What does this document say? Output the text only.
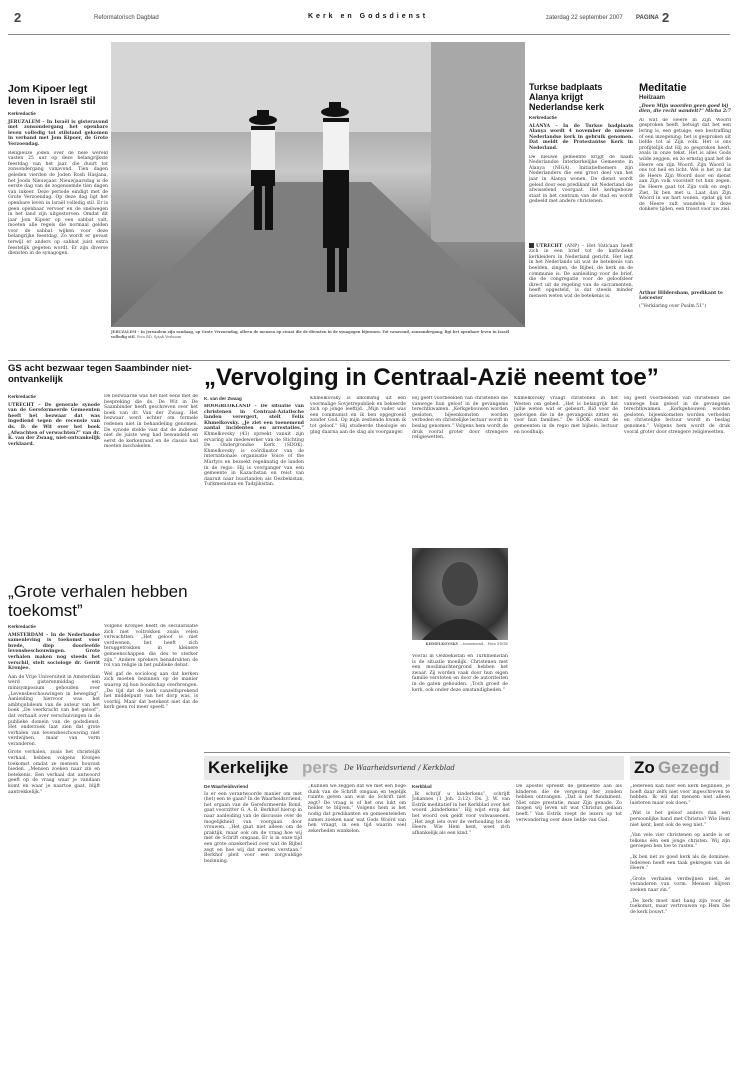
2	Reformatorisch Dagblad	Kerk en Godsdienst	zaterdag 22 september 2007 PAGINA 2
Jom Kipoer legt leven in Israël stil
Kerkredactie
JERUZALEM – In Israël is gisteravond met zonsondergang het openbare leven volledig tot stilstand gekomen in verband met Jom Kipoer, de Grote Verzoendag.
Religieuze joden over de hele wereld vasten 25 uur op deze belangrijkste feestdag van het jaar, die duurt tot zonsondergang vanavond. Tien dagen geleden vierden de Joden Rosh Hasjana, het Joods Nieuwjaar. Nieuwjaarsdag is de eerste dag van de zogenoemde tien dagen van inkeer. Deze periode eindigt met de Grote Verzoendag. Op deze dag ligt het openbare leven in Israël volledig stil. Er is geen openbaar vervoer en de snelwegen in het land zijn uitgestorven. Omdat dit jaar Jom Kipoer op een sabbat valt, moeten alle regels die normaal gelden voor de sabbat wijken voor deze belangrijke feestdag. Zo wordt er gevast terwijl er anders op sabbat juist extra feestelijk gegeten wordt. Er zijn diverse diensten in de synagogen.
JERUZALEM – In Jeruzalem zijn vandaag, op Grote Verzoendag, alleen de mensen op straat die de diensten in de synagogen bijwonen. Tot vanavond, zonsondergang, ligt het openbare leven in Israël volledig stil. Foto RD, Sjaak Verboom
Turkse badplaats Alanya krijgt Nederlandse kerk
Kerkredactie
ALANYA – In de Turkse badplaats Alanya wordt 4 november de nieuwe Nederlandse kerk in gebruik genomen. Dat meldt de Protestantse Kerk in Nederland.
De nieuwe gemeente krijgt de naam Nederlandse Interkerkelijke Gemeente in Alanya (NIGA). Initiatiefnemers zijn Nederlanders die een groot deel van het jaar in Alanya wonen. De dienst wordt geleid door een predikant uit Nederland die afwisselend voorgaat. Het kerkgebouw staat in het centrum van de stad en wordt gedeeld met andere christenen.
UTRECHT (ANP) – Het Vaticaan heeft zich in een brief tot de katholieke kerkleiders in Nederland gericht. Het legt in het Nederlands uit wat de betekenis van beelden, zingen, de Bijbel, de kerk en de communie is. De aanleiding voor de brief, die de congregatie voor de geloofsleer direct uit de regeling van de sacramenten, heeft opgesteld, is dat steeds minder mensen weten wat de betekenis is.
Meditatie
Heilzaam
„Doen Mijn woorden geen goed bij dien, die recht wandelt?” Micha 2:7
Al wat de Heere in Zijn Woord gesproken heeft, betuigt dat het een lering is, een getuige, een bestraffing of een inzegening; het is gesproken uit liefde tot al Zijn volk. Het is ons profijtelijk dat Hij zo gesproken heeft, zoals in onze tekst. Het is alles Gods wilde zeggen, en zo ernstig gaat het de Heere om zijn Woord. Zijn Woord is ons tot heil en licht. Wel is het zo dat de Heere Zijn Woord door en dienst aan Zijn volk voorstelt tot hun zegen. De Heere gaat tot Zijn volk en zegt: Ziet, Ik ben met u. Laat dan Zijn Woord in uw hart wonen, opdat gij tot de Heere zult wandelen in deze donkere tijden, een troost voor uw ziel.
Arthur Hildersham, predikant te Leicester
(“Verklaring over Psalm 51”)
GS acht bezwaar tegen Saambinder niet-ontvankelijk
Kerkredactie
UTRECHT – De generale synode van de Gereformeerde Gemeenten heeft het bezwaar dat was ingediend tegen de recensie van ds. D. de Wit over het boek „Afwachten of verwachten?” van dr. K. van der Zwaag, niet-ontvankelijk verklaard.
De bezwaarde was het niet eens met de bespreking die ds. De Wit in De Saambinder heeft geschreven over het boek van dr. Van der Zwaag. Het bezwaar werd echter om formele redenen niet in behandeling genomen. De synode stelde vast dat de indiener niet de juiste weg had bewandeld en eerst de kerkenraad en de classis had moeten inschakelen.
„Vervolging in Centraal-Azië neemt toe”
K. van der Zwaag
HOOGBLOKLAND – De situatie van christenen in Centraal-Aziatische landen verergert, stelt Felix Khmelkovsky. „Je ziet een toenemend aantal incidenten en arrestaties.” Khmelkovsky (43) spreekt vanuit zijn ervaring als medewerker van de Stichting De Ondergrondse Kerk (SDOK). Khmelkovsky is coördinator van de internationale organisatie Voice of the Martyrs en bezoekt regelmatig de landen in de regio. Hij is voorganger van een gemeente in Kazachstan en reist van daaruit naar buurlanden als Oezbekistan, Turkmenistan en Tadzjikistan.
Khmelkovsky is afkomstig uit een voormalige Sovjetrepubliek en bekeerde zich op jonge leeftijd. „Mijn vader was een communist en ik ben opgegroeid zonder God. Op mijn zestiende kwam ik tot geloof.” Hij studeerde theologie en ging daarna aan de slag als voorganger.
Hij geeft voorbeelden van christenen die vanwege hun geloof in de gevangenis terechtkwamen. „Kerkgebouwen worden gesloten, bijeenkomsten worden verboden en christelijke lectuur wordt in beslag genomen.” Volgens hem wordt de druk vooral groter door strengere religiewetten.
KHMELKOVSKY ...toenemend... Foto SDOK
Vooral in Oezbekistan en Turkmenistan is de situatie moeilijk. Christenen met een moslimachtergrond hebben het zwaar. Zij worden vaak door hun eigen familie verstoten en door de autoriteiten in de gaten gehouden. „Toch groeit de kerk, ook onder deze omstandigheden.”
Khmelkovsky vraagt christenen in het Westen om gebed. „Het is belangrijk dat jullie weten wat er gebeurt. Bid voor de gelovigen die in de gevangenis zitten en voor hun families.” De SDOK steunt de gemeenten in de regio met bijbels, lectuur en noodhulp.
Hij geeft voorbeelden van christenen die vanwege hun geloof in de gevangenis terechtkwamen. „Kerkgebouwen worden gesloten, bijeenkomsten worden verboden en christelijke lectuur wordt in beslag genomen.” Volgens hem wordt de druk vooral groter door strengere religiewetten.
„Grote verhalen hebben toekomst”
Kerkredactie
AMSTERDAM – In de Nederlandse samenleving is toekomst voor brede, diep doorleefde levensbeschouwingen. Grote verhalen maken nog steeds het verschil, stelt sociologe dr. Gerrit Kronjee.
Aan de Vrije Universiteit in Amsterdam werd gisterenmiddag een minisymposium gehouden over „Levensbeschouwingen in beweging”. Aanleiding hiervoor was het ambtsjubileum van de auteur van het boek „De veerkracht van het geloof”, dat verhaalt over verschuivingen in de publieke domein van de godsdienst. Het onderzoek laat zien dat grote verhalen van levensbeschouwing niet verdwijnen, maar van vorm veranderen.
Grote verhalen, zoals het christelijk verhaal, hebben volgens Kronjee toekomst omdat ze mensen houvast bieden. „Mensen zoeken naar zin en betekenis. Een verhaal dat antwoord geeft op de vraag waar je vandaan komt en waar je naartoe gaat, blijft aantrekkelijk.”
Volgens Kronjee heeft de secularisatie zich niet voltrokken zoals velen verwachtten. „Het geloof is niet verdwenen, het heeft zich teruggetrokken in kleinere gemeenschappen die des te sterker zijn.” Andere sprekers benadrukten de rol van religie in het publieke debat.
Wel gaf de socioloog aan dat kerken zich moeten bezinnen op de manier waarop zij hun boodschap overbrengen. „De tijd dat de kerk vanzelfsprekend het middelpunt van het dorp was, is voorbij. Maar dat betekent niet dat de kerk geen rol meer speelt.”
Kerkelijke pers De Waarheidsvriend / Kerkblad
De Waarheidsvriend
Is er een verantwoorde manier om met (het) een te gaan? In de Waarheidsvriend, het orgaan van de Gereformeerde Bond, gaat voorzitter G. A. B. Berkhof hierop in naar aanleiding van de discussie over de mogelijkheid van voorgaan door vrouwen. „Het gaat niet alleen om de praktijk, maar ook om de vraag hoe wij met de Schrift omgaan. Er is in onze tijd een grote onzekerheid over wat de Bijbel zegt en hoe wij dat moeten verstaan.” Berkhof pleit voor een zorgvuldige bezinning.
„Kunnen we zeggen dat we met een hoge dunk van de Schrift omgaan en tegelijk ruimte geven aan wat de Schrift niet zegt? De vraag is of het ons lukt om helder te blijven.” Volgens hem is het nodig dat predikanten en gemeenteleden samen zoeken naar wat Gods Woord van hen vraagt, in een tijd waarin veel zekerheden wankelen.
Kerkblad
„Ik schrijf u kinderkens”, schrijft Johannes (1 Joh. 2:12). Ds. J. W. van Estrik meditatief in het Kerkblad over het woord „kinderkens”. Hij wijst erop dat het woord ook geldt voor volwassenen. „Het zegt iets over de verhouding tot de Heere. Wie Hem kent, weet zich afhankelijk als een kind.”
De apostel spreekt de gemeente aan als kinderen die de vergeving der zonden hebben ontvangen. „Dat is het fundament. Niet onze prestatie, maar Zijn genade. Zo mogen wij leven uit wat Christus gedaan heeft.” Van Estrik roept de lezers op tot verwondering over deze liefde van God.
Zo Gezegd
„Iedereen kan hier een kerk beginnen, je hoeft daar zelfs niet voor ingeschreven te hebben. Ik wil dat mensen niet alleen luisteren maar ook doen.”
„Wat is het geloof anders dan een persoonlijke band met Christus? Wie Hem niet kent, kent ook de weg niet.”
„Van vele vier christenen op aarde is er telkens één een jonge christen. Wij zijn geroepen hen toe te rusten.”
„Ik ben net zo goed kerk als de dominee. Iedereen heeft een taak gekregen van de Heere.”
„Grote verhalen verdwijnen niet, ze veranderen van vorm. Mensen blijven zoeken naar zin.”
„De kerk moet niet bang zijn voor de toekomst, maar vertrouwen op Hem Die de kerk bouwt.”
